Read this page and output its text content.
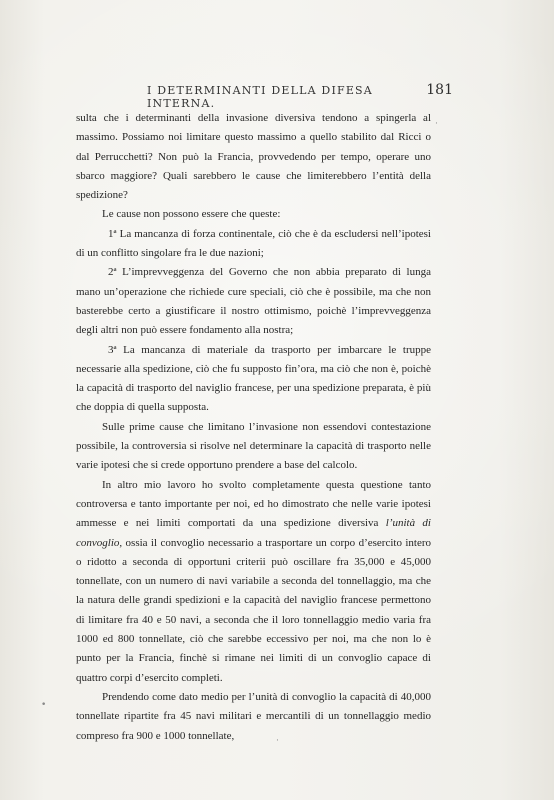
I DETERMINANTI DELLA DIFESA INTERNA.
181

sulta che i determinanti della invasione diversiva tendono a spingerla al massimo. Possiamo noi limitare questo massimo a quello stabilito dal Ricci o dal Perrucchetti? Non può la Francia, provvedendo per tempo, operare uno sbarco maggiore? Quali sarebbero le cause che limiterebbero l’entità della spedizione?

Le cause non possono essere che queste:

1ª La mancanza di forza continentale, ciò che è da escludersi nell’ipotesi di un conflitto singolare fra le due nazioni;

2ª L’imprevveggenza del Governo che non abbia preparato di lunga mano un’operazione che richiede cure speciali, ciò che è possibile, ma che non basterebbe certo a giustificare il nostro ottimismo, poichè l’imprevveggenza degli altri non può essere fondamento alla nostra;

3ª La mancanza di materiale da trasporto per imbarcare le truppe necessarie alla spedizione, ciò che fu supposto fin’ora, ma ciò che non è, poichè la capacità di trasporto del naviglio francese, per una spedizione preparata, è più che doppia di quella supposta.

Sulle prime cause che limitano l’invasione non essendovi contestazione possibile, la controversia si risolve nel determinare la capacità di trasporto nelle varie ipotesi che si crede opportuno prendere a base del calcolo.

In altro mio lavoro ho svolto completamente questa questione tanto controversa e tanto importante per noi, ed ho dimostrato che nelle varie ipotesi ammesse e nei limiti comportati da una spedizione diversiva l’unità di convoglio, ossia il convoglio necessario a trasportare un corpo d’esercito intero o ridotto a seconda di opportuni criterii può oscillare fra 35,000 e 45,000 tonnellate, con un numero di navi variabile a seconda del tonnellaggio, ma che la natura delle grandi spedizioni e la capacità del naviglio francese permettono di limitare fra 40 e 50 navi, a seconda che il loro tonnellaggio medio varia fra 1000 ed 800 tonnellate, ciò che sarebbe eccessivo per noi, ma che non lo è punto per la Francia, finchè si rimane nei limiti di un convoglio capace di quattro corpi d’esercito completi.

Prendendo come dato medio per l’unità di convoglio la capacità di 40,000 tonnellate ripartite fra 45 navi militari e mercantili di un tonnellaggio medio compreso fra 900 e 1000 tonnellate,

•
·
·
